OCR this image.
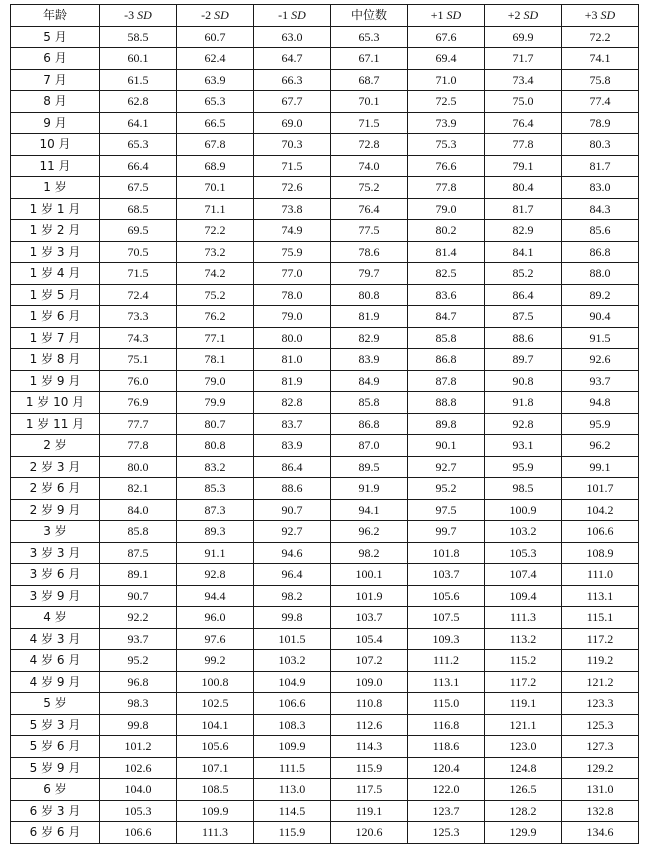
年龄	-3 SD	-2 SD	-1 SD	中位数	+1 SD	+2 SD	+3 SD
5 月	58.5	60.7	63.0	65.3	67.6	69.9	72.2
6 月	60.1	62.4	64.7	67.1	69.4	71.7	74.1
7 月	61.5	63.9	66.3	68.7	71.0	73.4	75.8
8 月	62.8	65.3	67.7	70.1	72.5	75.0	77.4
9 月	64.1	66.5	69.0	71.5	73.9	76.4	78.9
10 月	65.3	67.8	70.3	72.8	75.3	77.8	80.3
11 月	66.4	68.9	71.5	74.0	76.6	79.1	81.7
1 岁	67.5	70.1	72.6	75.2	77.8	80.4	83.0
1 岁 1 月	68.5	71.1	73.8	76.4	79.0	81.7	84.3
1 岁 2 月	69.5	72.2	74.9	77.5	80.2	82.9	85.6
1 岁 3 月	70.5	73.2	75.9	78.6	81.4	84.1	86.8
1 岁 4 月	71.5	74.2	77.0	79.7	82.5	85.2	88.0
1 岁 5 月	72.4	75.2	78.0	80.8	83.6	86.4	89.2
1 岁 6 月	73.3	76.2	79.0	81.9	84.7	87.5	90.4
1 岁 7 月	74.3	77.1	80.0	82.9	85.8	88.6	91.5
1 岁 8 月	75.1	78.1	81.0	83.9	86.8	89.7	92.6
1 岁 9 月	76.0	79.0	81.9	84.9	87.8	90.8	93.7
1 岁 10 月	76.9	79.9	82.8	85.8	88.8	91.8	94.8
1 岁 11 月	77.7	80.7	83.7	86.8	89.8	92.8	95.9
2 岁	77.8	80.8	83.9	87.0	90.1	93.1	96.2
2 岁 3 月	80.0	83.2	86.4	89.5	92.7	95.9	99.1
2 岁 6 月	82.1	85.3	88.6	91.9	95.2	98.5	101.7
2 岁 9 月	84.0	87.3	90.7	94.1	97.5	100.9	104.2
3 岁	85.8	89.3	92.7	96.2	99.7	103.2	106.6
3 岁 3 月	87.5	91.1	94.6	98.2	101.8	105.3	108.9
3 岁 6 月	89.1	92.8	96.4	100.1	103.7	107.4	111.0
3 岁 9 月	90.7	94.4	98.2	101.9	105.6	109.4	113.1
4 岁	92.2	96.0	99.8	103.7	107.5	111.3	115.1
4 岁 3 月	93.7	97.6	101.5	105.4	109.3	113.2	117.2
4 岁 6 月	95.2	99.2	103.2	107.2	111.2	115.2	119.2
4 岁 9 月	96.8	100.8	104.9	109.0	113.1	117.2	121.2
5 岁	98.3	102.5	106.6	110.8	115.0	119.1	123.3
5 岁 3 月	99.8	104.1	108.3	112.6	116.8	121.1	125.3
5 岁 6 月	101.2	105.6	109.9	114.3	118.6	123.0	127.3
5 岁 9 月	102.6	107.1	111.5	115.9	120.4	124.8	129.2
6 岁	104.0	108.5	113.0	117.5	122.0	126.5	131.0
6 岁 3 月	105.3	109.9	114.5	119.1	123.7	128.2	132.8
6 岁 6 月	106.6	111.3	115.9	120.6	125.3	129.9	134.6
